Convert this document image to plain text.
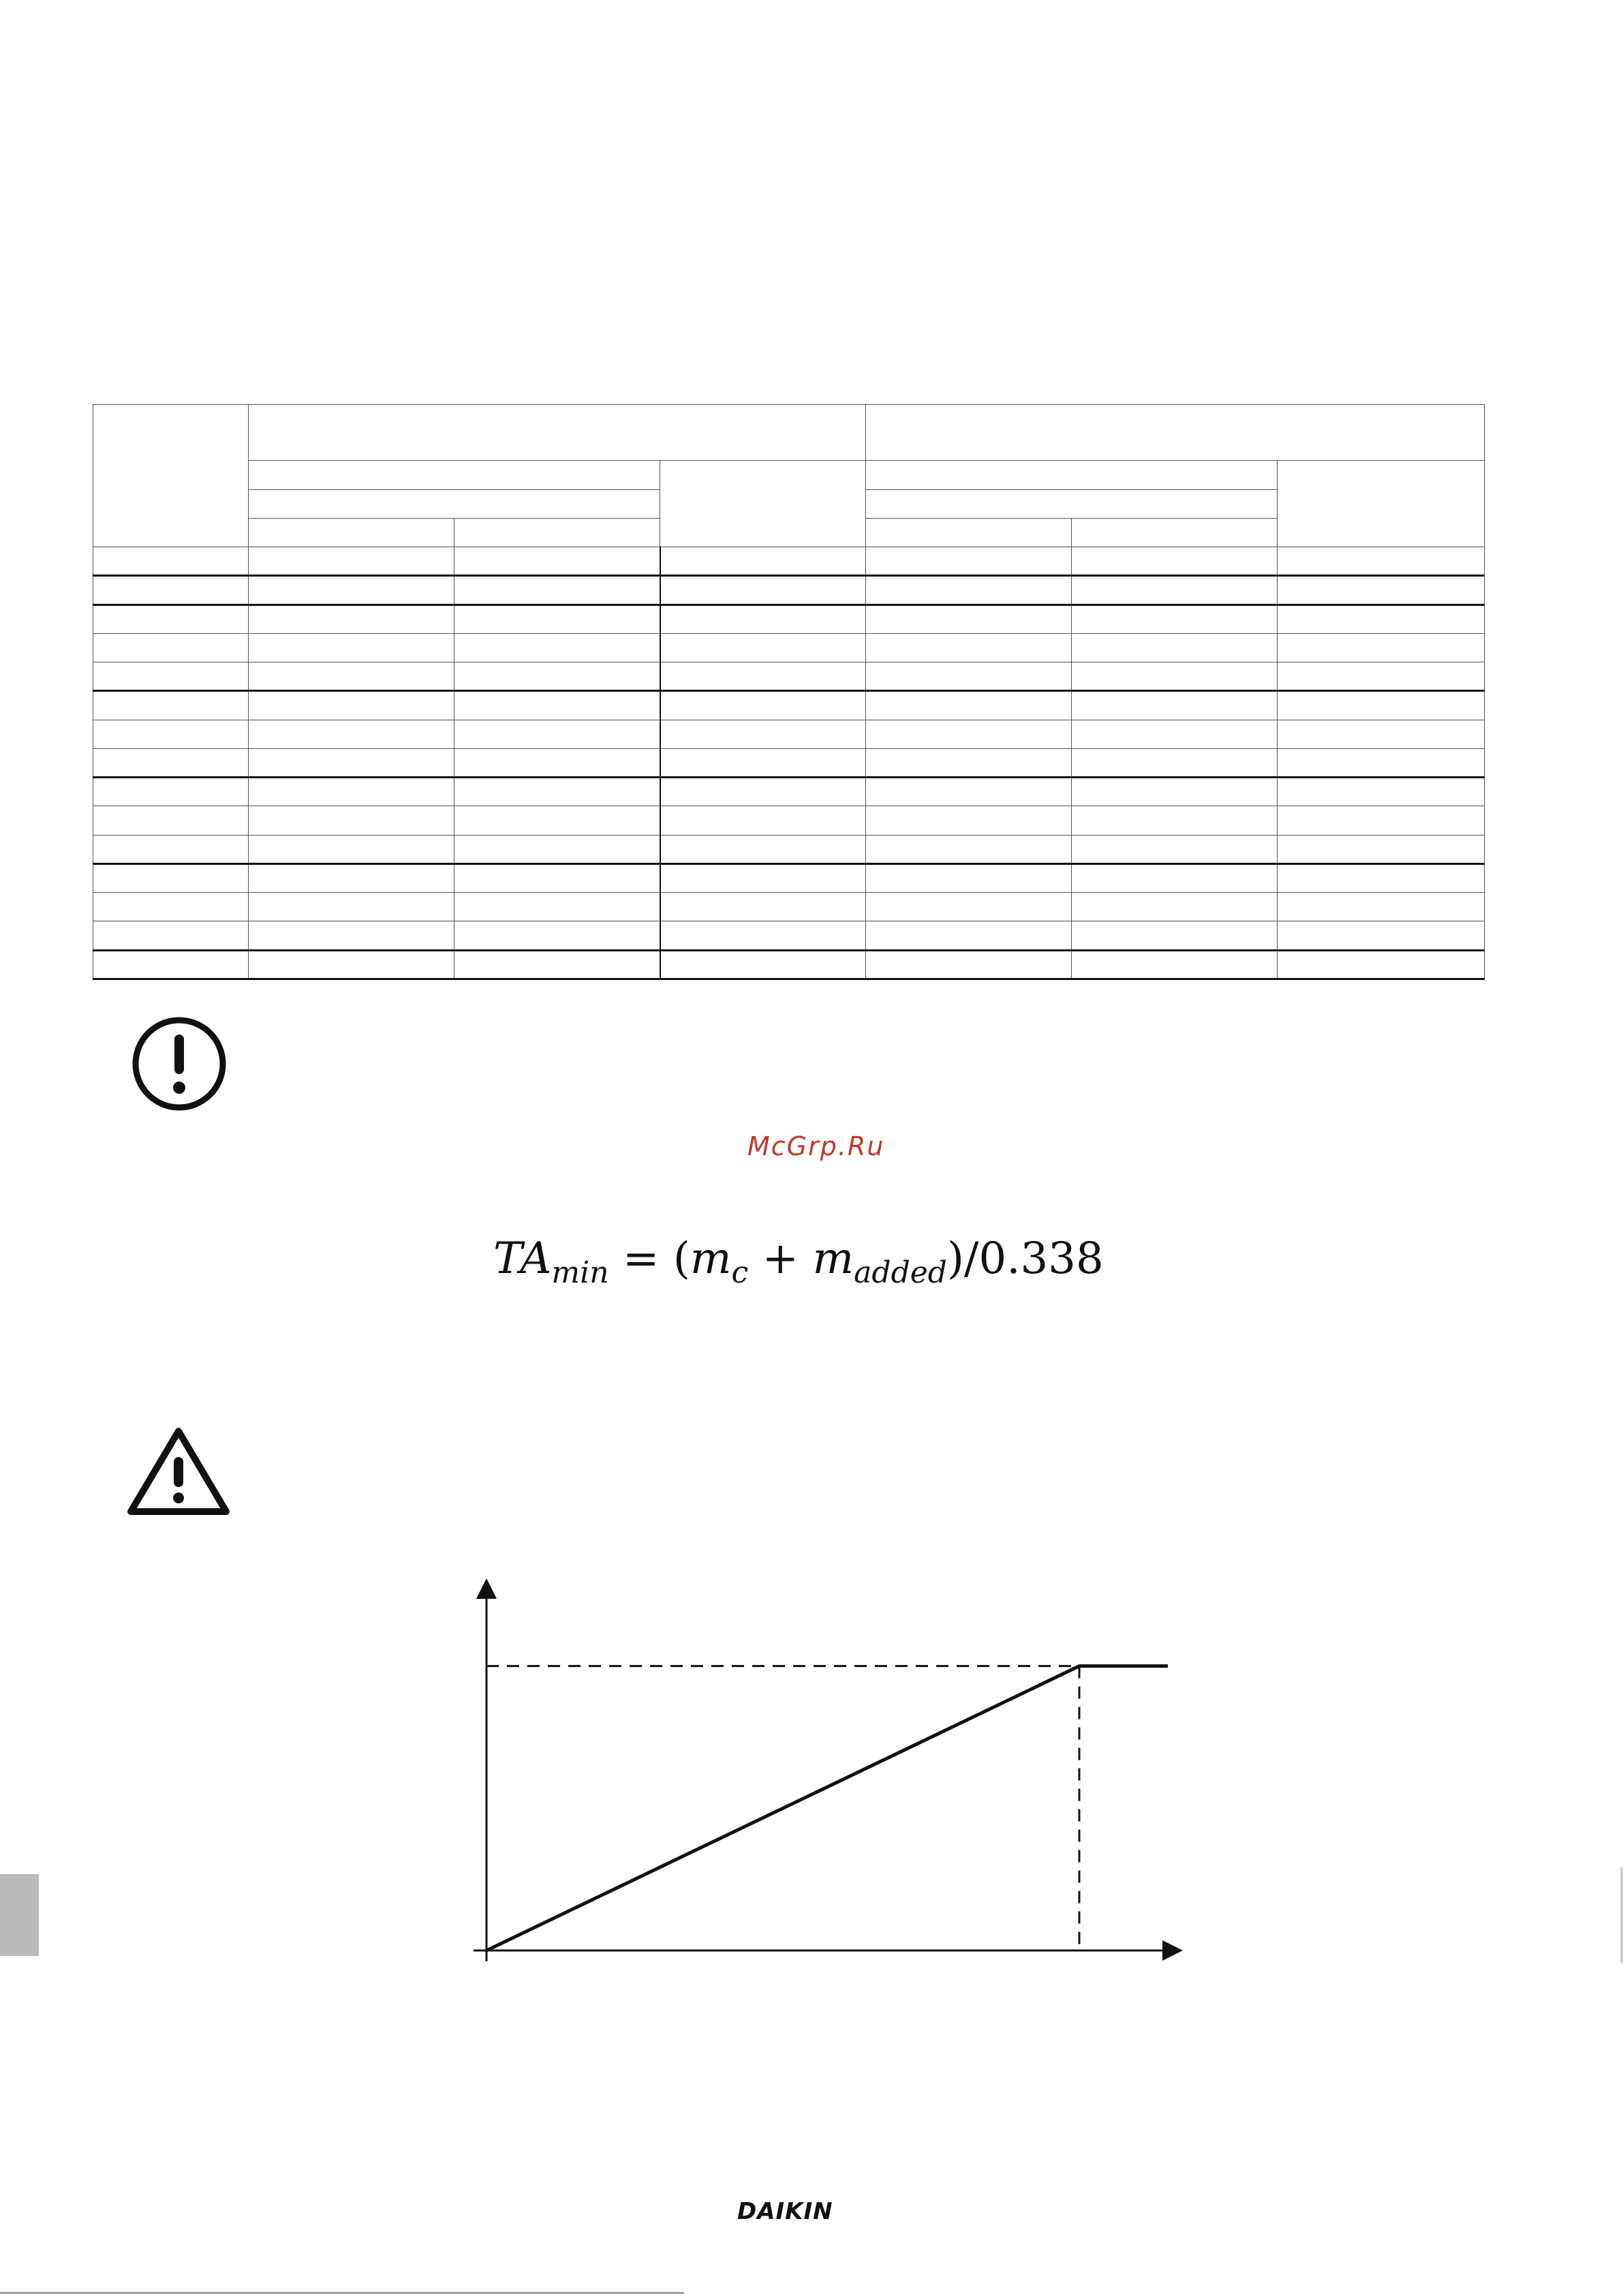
McGrp.Ru
$TA_{min} = (m_c + m_{added})/0.338$
DAIKIN
